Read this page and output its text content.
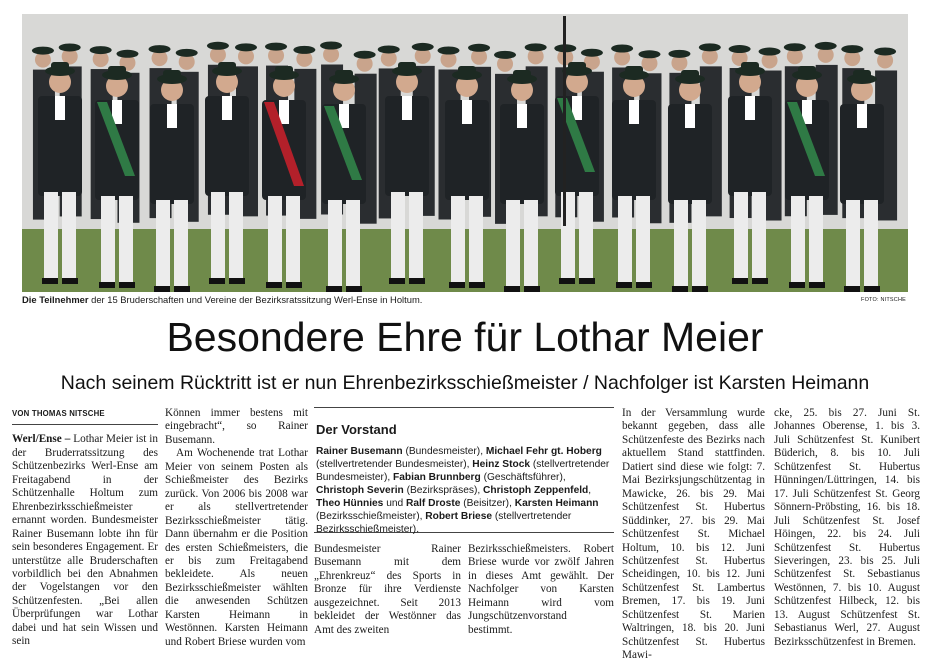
Die Teilnehmer der 15 Bruderschaften und Vereine der Bezirksratssitzung Werl-Ense in Holtum.	FOTO: NITSCHE
Besondere Ehre für Lothar Meier
Nach seinem Rücktritt ist er nun Ehrenbezirksschießmeister / Nachfolger ist Karsten Heimann
VON THOMAS NITSCHE

Werl/Ense – Lothar Meier ist in der Bruderratssitzung des Schützenbezirks Werl-Ense am Freitagabend in der Schützenhalle Holtum zum Ehrenbezirksschießmeister ernannt worden. Bundesmeister Rainer Busemann lobte ihn für sein besonderes Engagement. Er unterstütze alle Bruderschaften vorbildlich bei den Abnahmen der Vogelstangen vor den Schützenfesten. „Bei allen Überprüfungen war Lothar dabei und hat sein Wissen und sein

Können immer bestens mit eingebracht“, so Rainer Busemann.

Am Wochenende trat Lothar Meier von seinem Posten als Schießmeister des Bezirks zurück. Von 2006 bis 2008 war er als stellvertretender Bezirksschießmeister tätig. Dann übernahm er die Position des ersten Schießmeisters, die er bis zum Freitagabend bekleidete. Als neuen Bezirksschießmeister wählten die anwesenden Schützen Karsten Heimann in Westönnen. Karsten Heimann und Robert Briese wurden vom

Der Vorstand

Rainer Busemann (Bundesmeister), Michael Fehr gt. Hoberg (stellvertretender Bundesmeister), Heinz Stock (stellvertretender Bundesmeister), Fabian Brunnberg (Geschäftsführer), Christoph Severin (Bezirkspräses), Christoph Zeppenfeld, Theo Hünnies und Ralf Droste (Beisitzer), Karsten Heimann (Bezirksschießmeister), Robert Briese (stellvertretender Bezirksschießmeister).

Bundesmeister Rainer Busemann mit dem „Ehrenkreuz“ des Sports in Bronze für ihre Verdienste ausgezeichnet. Seit 2013 bekleidet der Westönner das Amt des zweiten

Bezirksschießmeisters. Robert Briese wurde vor zwölf Jahren in dieses Amt gewählt. Der Nachfolger von Karsten Heimann wird vom Jungschützenvorstand bestimmt.

In der Versammlung wurde bekannt gegeben, dass alle Schützenfeste des Bezirks nach aktuellem Stand stattfinden. Datiert sind diese wie folgt: 7. Mai Bezirksjungschützentag in Mawicke, 26. bis 29. Mai Schützenfest St. Hubertus Süddinker, 27. bis 29. Mai Schützenfest St. Michael Holtum, 10. bis 12. Juni Schützenfest St. Hubertus Scheidingen, 10. bis 12. Juni Schützenfest St. Lambertus Bremen, 17. bis 19. Juni Schützenfest St. Marien Waltringen, 18. bis 20. Juni Schützenfest St. Hubertus Mawi-

cke, 25. bis 27. Juni St. Johannes Oberense, 1. bis 3. Juli Schützenfest St. Kunibert Büderich, 8. bis 10. Juli Schützenfest St. Hubertus Hünningen/Lüttringen, 14. bis 17. Juli Schützenfest St. Georg Sönnern-Pröbsting, 16. bis 18. Juli Schützenfest St. Josef Höingen, 22. bis 24. Juli Schützenfest St. Hubertus Sieveringen, 23. bis 25. Juli Schützenfest St. Sebastianus Westönnen, 7. bis 10. August Schützenfest Hilbeck, 12. bis 13. August Schützenfest St. Sebastianus Werl, 27. August Bezirksschützenfest in Bremen.
